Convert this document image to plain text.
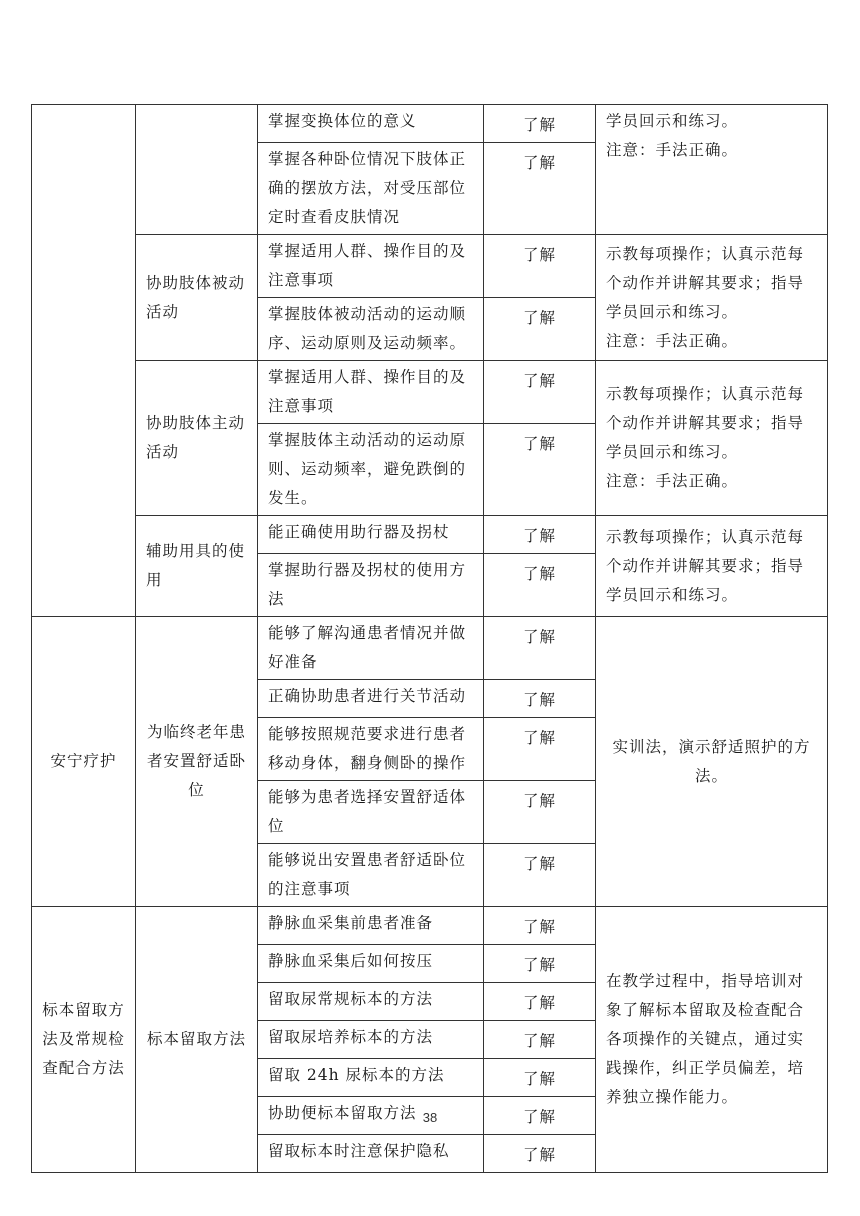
		掌握变换体位的意义	了解	学员回示和练习。
注意：手法正确。
		掌握各种卧位情况下肢体正确的摆放方法，对受压部位定时查看皮肤情况	了解	
	协助肢体被动活动	掌握适用人群、操作目的及注意事项	了解	示教每项操作；认真示范每个动作并讲解其要求；指导学员回示和练习。
注意：手法正确。
		掌握肢体被动活动的运动顺序、运动原则及运动频率。	了解	
	协助肢体主动活动	掌握适用人群、操作目的及注意事项	了解	示教每项操作；认真示范每个动作并讲解其要求；指导学员回示和练习。
注意：手法正确。
		掌握肢体主动活动的运动原则、运动频率，避免跌倒的发生。	了解	
	辅助用具的使用	能正确使用助行器及拐杖	了解	示教每项操作；认真示范每个动作并讲解其要求；指导学员回示和练习。
		掌握助行器及拐杖的使用方法	了解	
安宁疗护	为临终老年患者安置舒适卧位	能够了解沟通患者情况并做好准备	了解	实训法，演示舒适照护的方法。
		正确协助患者进行关节活动	了解	
		能够按照规范要求进行患者移动身体，翻身侧卧的操作	了解	
		能够为患者选择安置舒适体位	了解	
		能够说出安置患者舒适卧位的注意事项	了解	
标本留取方法及常规检查配合方法	标本留取方法	静脉血采集前患者准备	了解	在教学过程中，指导培训对象了解标本留取及检查配合各项操作的关键点，通过实践操作，纠正学员偏差，培养独立操作能力。
		静脉血采集后如何按压	了解	
		留取尿常规标本的方法	了解	
		留取尿培养标本的方法	了解	
		留取 24h 尿标本的方法	了解	
		协助便标本留取方法	了解	
		留取标本时注意保护隐私	了解	
38
